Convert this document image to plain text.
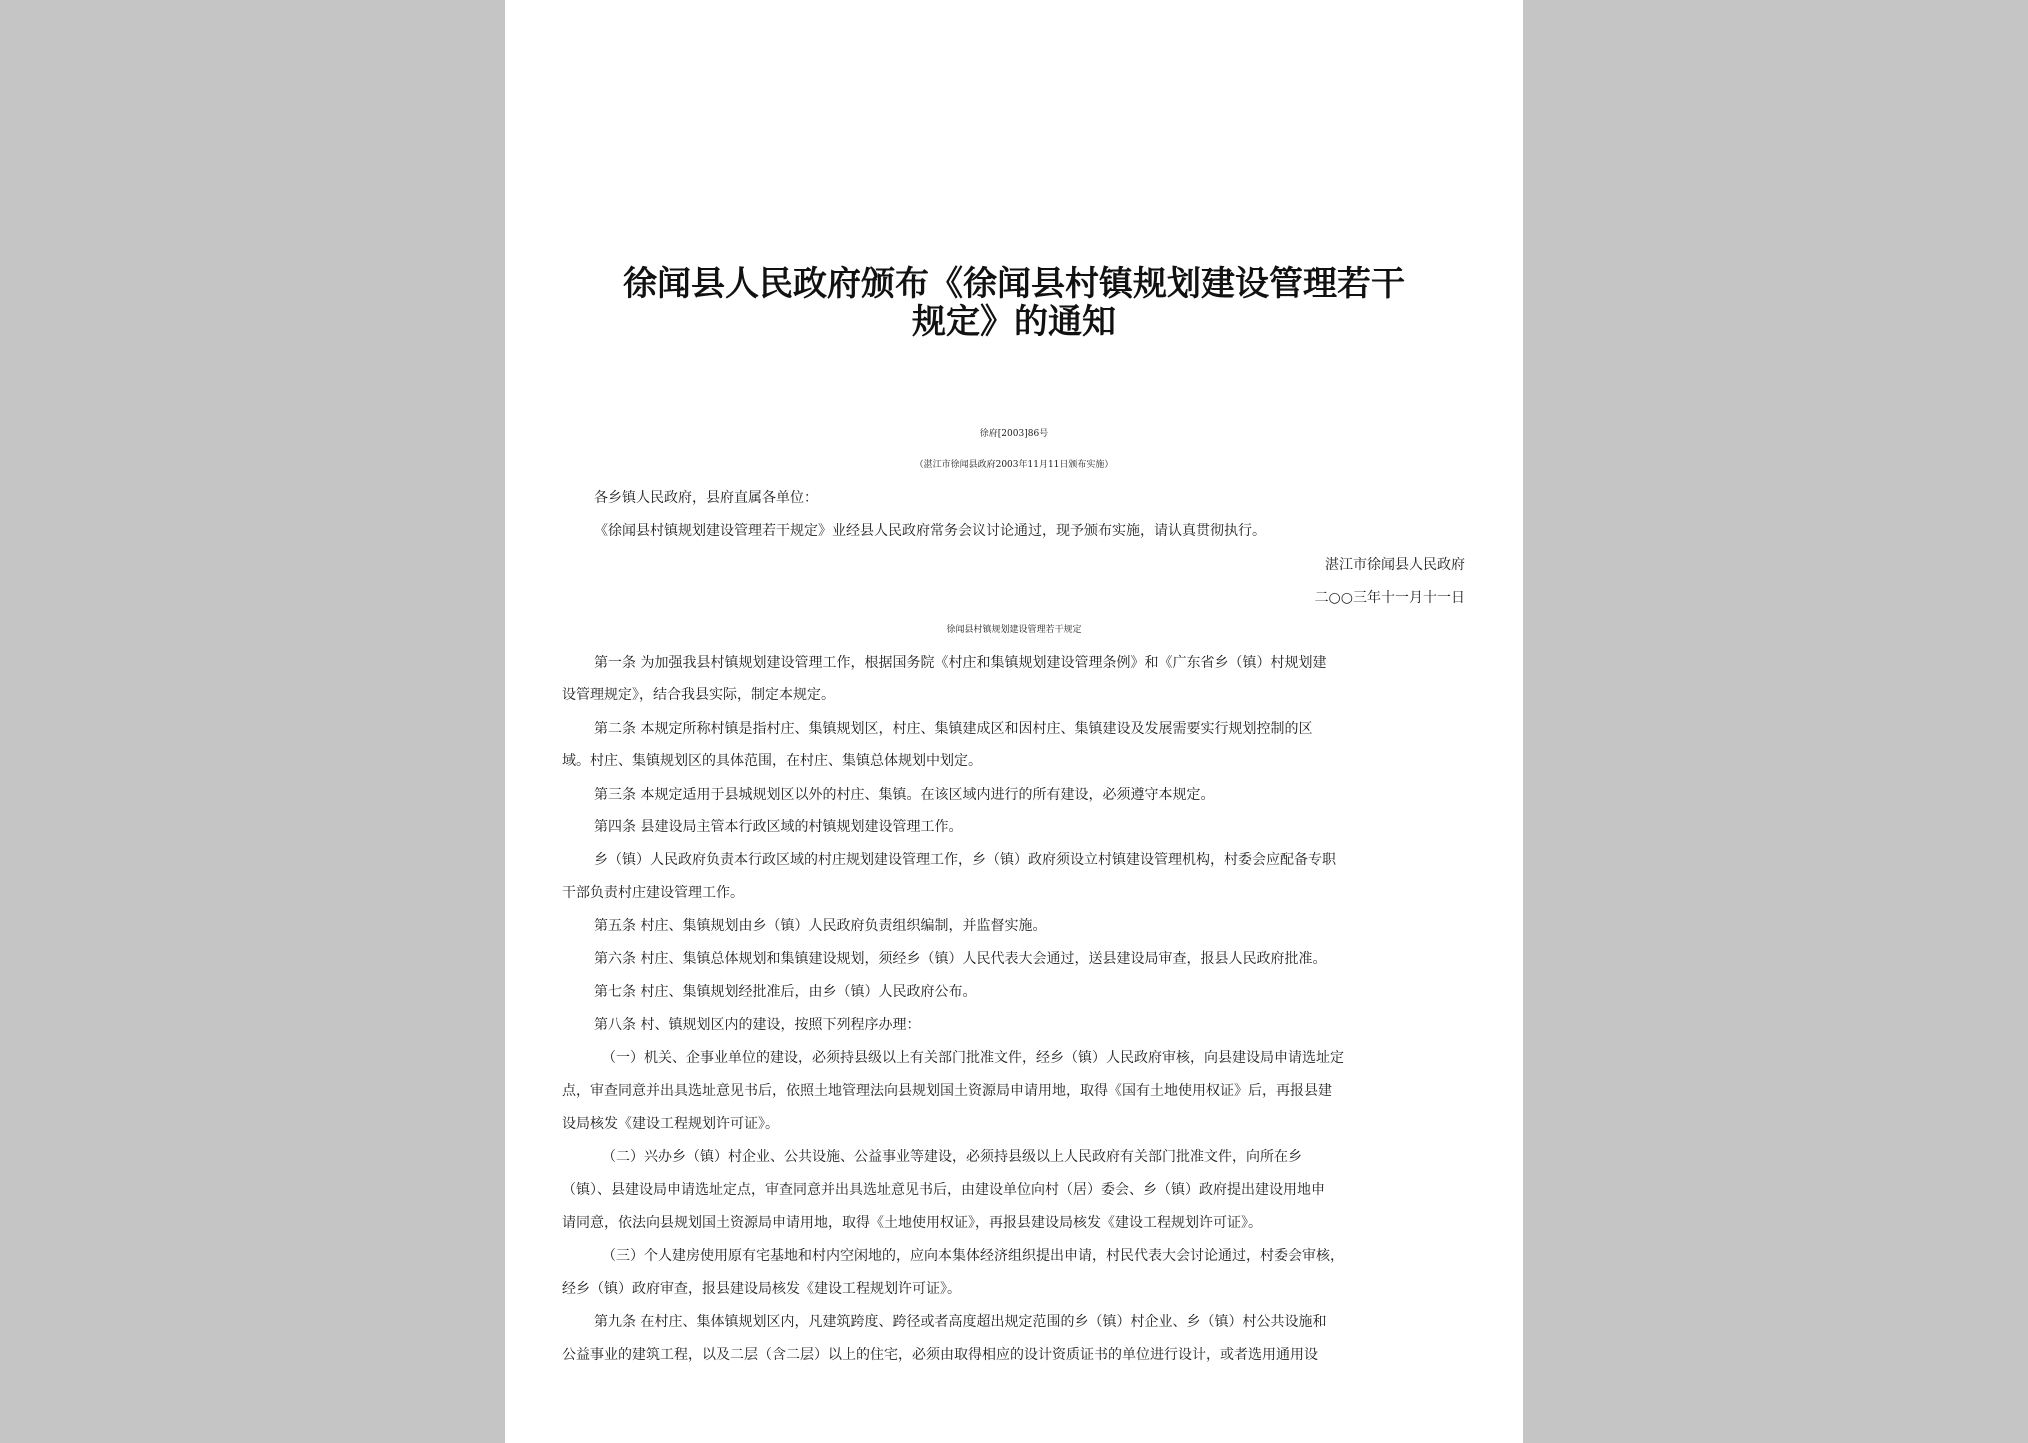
徐闻县人民政府颁布《徐闻县村镇规划建设管理若干
规定》的通知
徐府[2003]86号
（湛江市徐闻县政府2003年11月11日颁布实施）
各乡镇人民政府，县府直属各单位：
《徐闻县村镇规划建设管理若干规定》业经县人民政府常务会议讨论通过，现予颁布实施，请认真贯彻执行。
湛江市徐闻县人民政府
二○○三年十一月十一日
徐闻县村镇规划建设管理若干规定
第一条 为加强我县村镇规划建设管理工作，根据国务院《村庄和集镇规划建设管理条例》和《广东省乡（镇）村规划建
设管理规定》，结合我县实际，制定本规定。
第二条 本规定所称村镇是指村庄、集镇规划区，村庄、集镇建成区和因村庄、集镇建设及发展需要实行规划控制的区
域。村庄、集镇规划区的具体范围，在村庄、集镇总体规划中划定。
第三条 本规定适用于县城规划区以外的村庄、集镇。在该区域内进行的所有建设，必须遵守本规定。
第四条 县建设局主管本行政区域的村镇规划建设管理工作。
乡（镇）人民政府负责本行政区域的村庄规划建设管理工作，乡（镇）政府须设立村镇建设管理机构，村委会应配备专职
干部负责村庄建设管理工作。
第五条 村庄、集镇规划由乡（镇）人民政府负责组织编制，并监督实施。
第六条 村庄、集镇总体规划和集镇建设规划，须经乡（镇）人民代表大会通过，送县建设局审查，报县人民政府批准。
第七条 村庄、集镇规划经批准后，由乡（镇）人民政府公布。
第八条 村、镇规划区内的建设，按照下列程序办理：
（一）机关、企事业单位的建设，必须持县级以上有关部门批准文件，经乡（镇）人民政府审核，向县建设局申请选址定
点，审查同意并出具选址意见书后，依照土地管理法向县规划国土资源局申请用地，取得《国有土地使用权证》后，再报县建
设局核发《建设工程规划许可证》。
（二）兴办乡（镇）村企业、公共设施、公益事业等建设，必须持县级以上人民政府有关部门批准文件，向所在乡
（镇）、县建设局申请选址定点，审查同意并出具选址意见书后，由建设单位向村（居）委会、乡（镇）政府提出建设用地申
请同意，依法向县规划国土资源局申请用地，取得《土地使用权证》，再报县建设局核发《建设工程规划许可证》。
（三）个人建房使用原有宅基地和村内空闲地的，应向本集体经济组织提出申请，村民代表大会讨论通过，村委会审核，
经乡（镇）政府审查，报县建设局核发《建设工程规划许可证》。
第九条 在村庄、集体镇规划区内，凡建筑跨度、跨径或者高度超出规定范围的乡（镇）村企业、乡（镇）村公共设施和
公益事业的建筑工程，以及二层（含二层）以上的住宅，必须由取得相应的设计资质证书的单位进行设计，或者选用通用设
